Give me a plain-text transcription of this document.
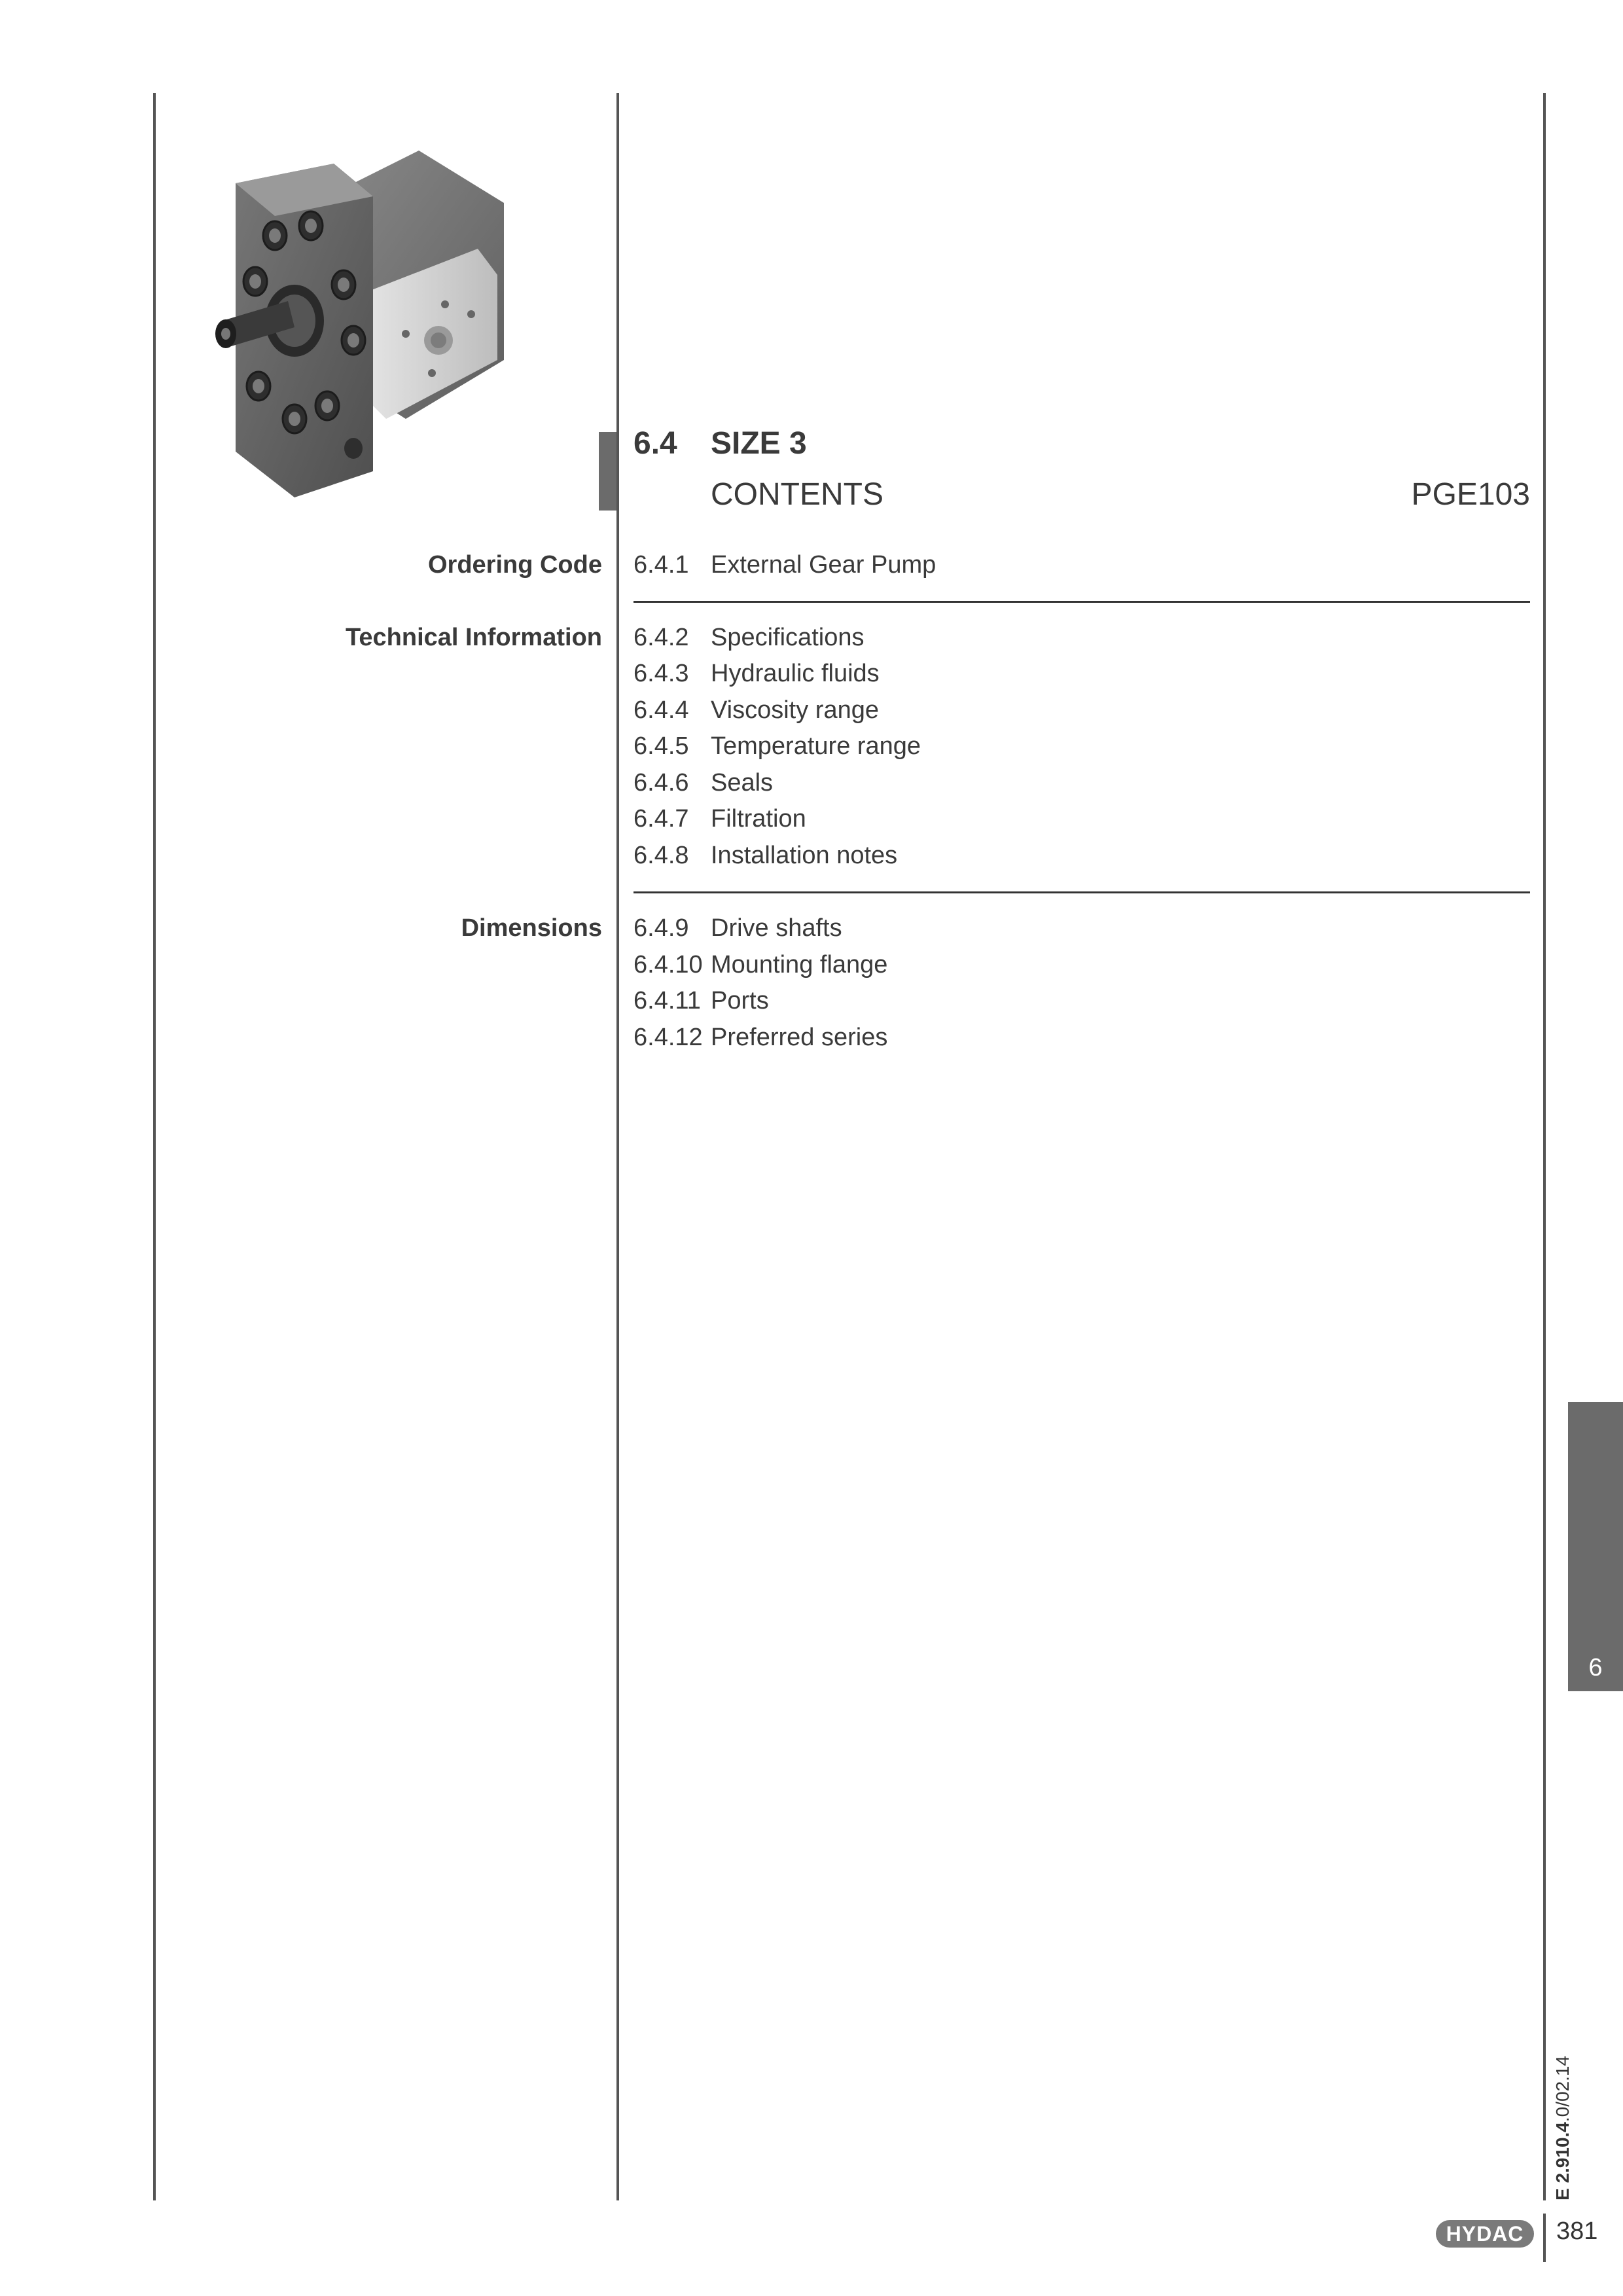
6.4 SIZE 3
CONTENTS	PGE103
Ordering Code 6.4.1 External Gear Pump
Technical Information 6.4.2 Specifications
6.4.3 Hydraulic fluids
6.4.4 Viscosity range
6.4.5 Temperature range
6.4.6 Seals
6.4.7 Filtration
6.4.8 Installation notes
Dimensions 6.4.9 Drive shafts
6.4.10 Mounting flange
6.4.11 Ports
6.4.12 Preferred series
6
E 2.910.4.0/02.14
HYDAC	381
